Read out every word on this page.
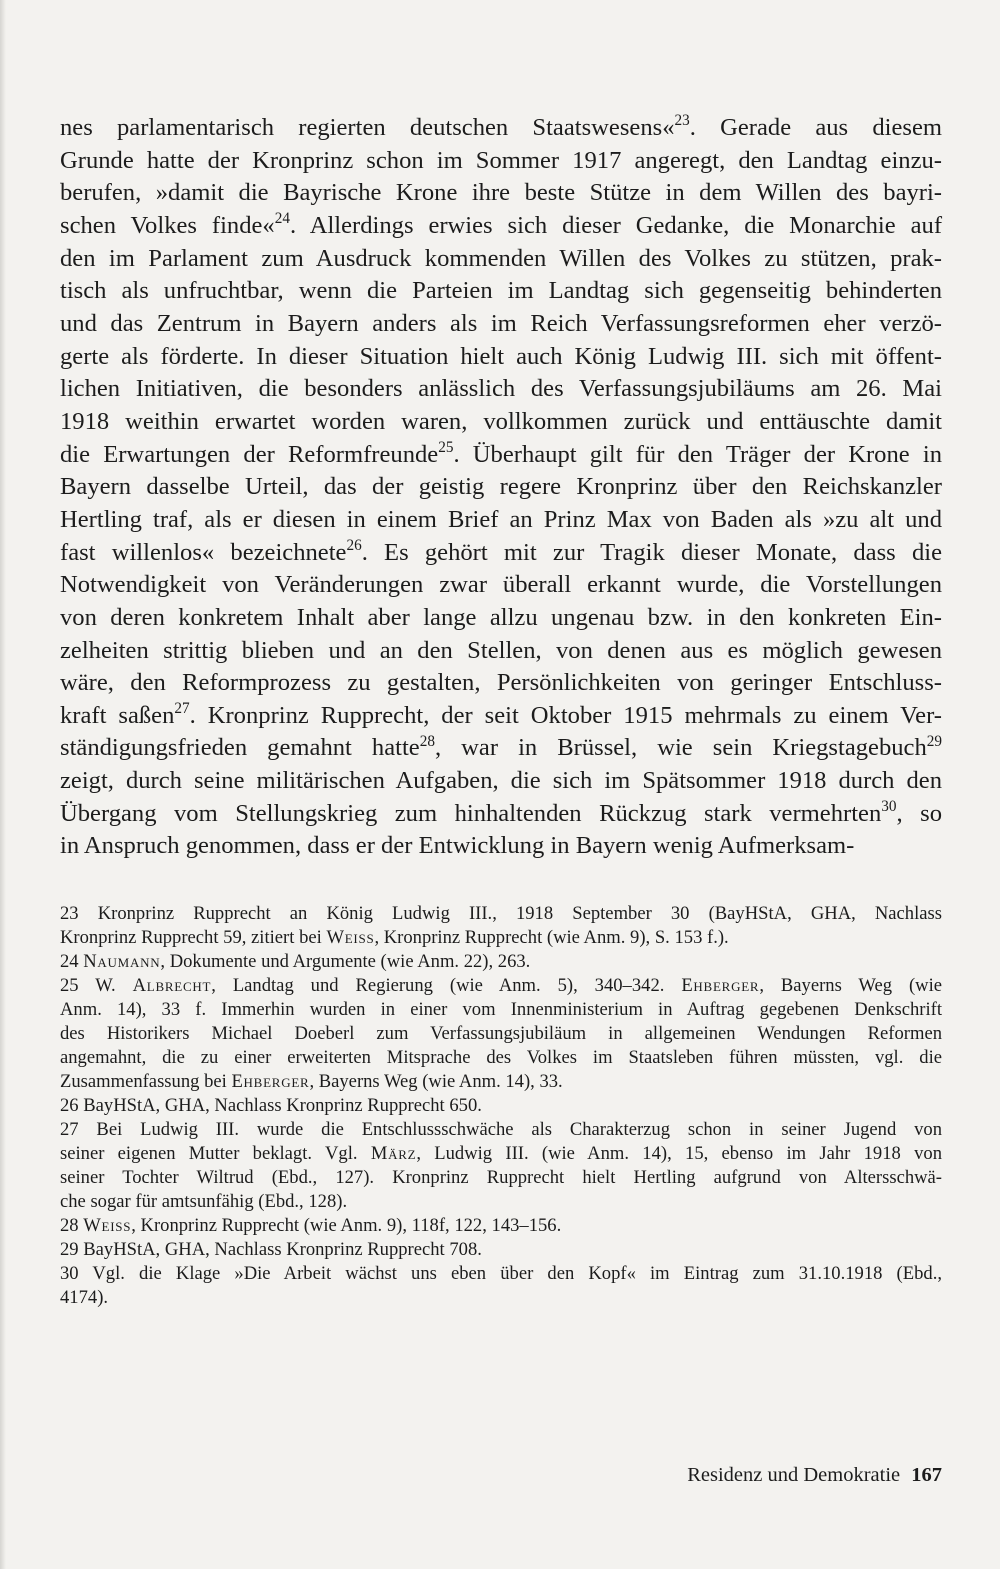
nes parlamentarisch regierten deutschen Staatswesens«$^{23}$. Gerade aus diesem
Grunde hatte der Kronprinz schon im Sommer 1917 angeregt, den Landtag einzu-
berufen, »damit die Bayrische Krone ihre beste Stütze in dem Willen des bayri-
schen Volkes finde«$^{24}$. Allerdings erwies sich dieser Gedanke, die Monarchie auf
den im Parlament zum Ausdruck kommenden Willen des Volkes zu stützen, prak-
tisch als unfruchtbar, wenn die Parteien im Landtag sich gegenseitig behinderten
und das Zentrum in Bayern anders als im Reich Verfassungsreformen eher verzö-
gerte als förderte. In dieser Situation hielt auch König Ludwig III. sich mit öffent-
lichen Initiativen, die besonders anlässlich des Verfassungsjubiläums am 26. Mai
1918 weithin erwartet worden waren, vollkommen zurück und enttäuschte damit
die Erwartungen der Reformfreunde$^{25}$. Überhaupt gilt für den Träger der Krone in
Bayern dasselbe Urteil, das der geistig regere Kronprinz über den Reichskanzler
Hertling traf, als er diesen in einem Brief an Prinz Max von Baden als »zu alt und
fast willenlos« bezeichnete$^{26}$. Es gehört mit zur Tragik dieser Monate, dass die
Notwendigkeit von Veränderungen zwar überall erkannt wurde, die Vorstellungen
von deren konkretem Inhalt aber lange allzu ungenau bzw. in den konkreten Ein-
zelheiten strittig blieben und an den Stellen, von denen aus es möglich gewesen
wäre, den Reformprozess zu gestalten, Persönlichkeiten von geringer Entschluss-
kraft saßen$^{27}$. Kronprinz Rupprecht, der seit Oktober 1915 mehrmals zu einem Ver-
ständigungsfrieden gemahnt hatte$^{28}$, war in Brüssel, wie sein Kriegstagebuch$^{29}$
zeigt, durch seine militärischen Aufgaben, die sich im Spätsommer 1918 durch den
Übergang vom Stellungskrieg zum hinhaltenden Rückzug stark vermehrten$^{30}$, so
in Anspruch genommen, dass er der Entwicklung in Bayern wenig Aufmerksam-
23 Kronprinz Rupprecht an König Ludwig III., 1918 September 30 (BayHStA, GHA, Nachlass
Kronprinz Rupprecht 59, zitiert bei Weiss, Kronprinz Rupprecht (wie Anm. 9), S. 153 f.).
24 Naumann, Dokumente und Argumente (wie Anm. 22), 263.
25 W. Albrecht, Landtag und Regierung (wie Anm. 5), 340–342. Ehberger, Bayerns Weg (wie
Anm. 14), 33 f. Immerhin wurden in einer vom Innenministerium in Auftrag gegebenen Denkschrift
des Historikers Michael Doeberl zum Verfassungsjubiläum in allgemeinen Wendungen Reformen
angemahnt, die zu einer erweiterten Mitsprache des Volkes im Staatsleben führen müssten, vgl. die
Zusammenfassung bei Ehberger, Bayerns Weg (wie Anm. 14), 33.
26 BayHStA, GHA, Nachlass Kronprinz Rupprecht 650.
27 Bei Ludwig III. wurde die Entschlussschwäche als Charakterzug schon in seiner Jugend von
seiner eigenen Mutter beklagt. Vgl. März, Ludwig III. (wie Anm. 14), 15, ebenso im Jahr 1918 von
seiner Tochter Wiltrud (Ebd., 127). Kronprinz Rupprecht hielt Hertling aufgrund von Altersschwä-
che sogar für amtsunfähig (Ebd., 128).
28 Weiss, Kronprinz Rupprecht (wie Anm. 9), 118f, 122, 143–156.
29 BayHStA, GHA, Nachlass Kronprinz Rupprecht 708.
30 Vgl. die Klage »Die Arbeit wächst uns eben über den Kopf« im Eintrag zum 31.10.1918 (Ebd.,
4174).
Residenz und Demokratie 167
